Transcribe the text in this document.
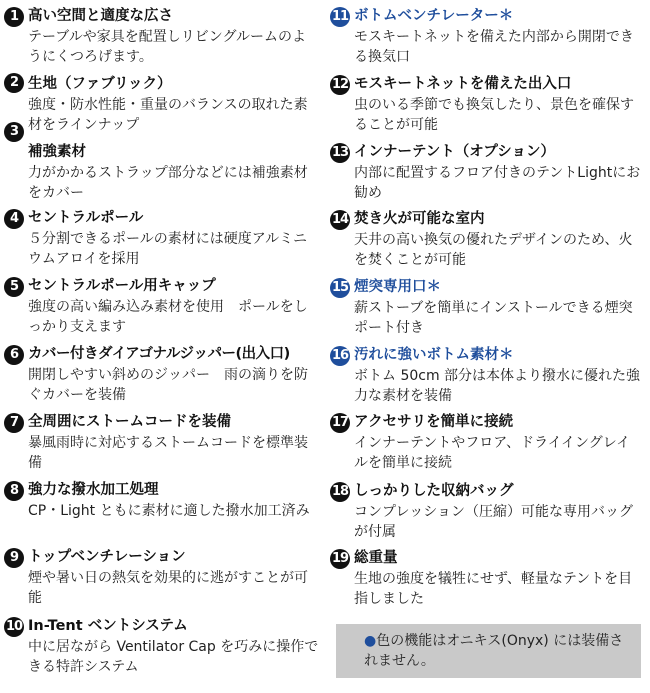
1 高い空間と適度な広さ
テーブルや家具を配置しリビングルームのようにくつろげます。
2 生地（ファブリック）
強度・防水性能・重量のバランスの取れた素材をラインナップ
3
補強素材
力がかかるストラップ部分などには補強素材をカバー
4 セントラルポール
５分割できるポールの素材には硬度アルミニウムアロイを採用
5 セントラルポール用キャップ
強度の高い編み込み素材を使用　ポールをしっかり支えます
6 カバー付きダイアゴナルジッパー(出入口)
開閉しやすい斜めのジッパー　雨の滴りを防ぐカバーを装備
7 全周囲にストームコードを装備
暴風雨時に対応するストームコードを標準装備
8 強力な撥水加工処理
CP・Light ともに素材に適した撥水加工済み
9 トップベンチレーション
煙や暑い日の熱気を効果的に逃がすことが可能
10 In-Tent ベントシステム
中に居ながら Ventilator Cap を巧みに操作できる特許システム
11 ボトムベンチレーター＊
モスキートネットを備えた内部から開閉できる換気口
12 モスキートネットを備えた出入口
虫のいる季節でも換気したり、景色を確保することが可能
13 インナーテント（オプション）
内部に配置するフロア付きのテントLightにお勧め
14 焚き火が可能な室内
天井の高い換気の優れたデザインのため、火を焚くことが可能
15 煙突専用口＊
薪ストーブを簡単にインストールできる煙突ポート付き
16 汚れに強いボトム素材＊
ボトム 50cm 部分は本体より撥水に優れた強力な素材を装備
17 アクセサリを簡単に接続
インナーテントやフロア、ドライイングレイルを簡単に接続
18 しっかりした収納バッグ
コンプレッション（圧縮）可能な専用バッグが付属
19 総重量
生地の強度を犠牲にせず、軽量なテントを目指しました
●色の機能はオニキス(Onyx) には装備されません。
